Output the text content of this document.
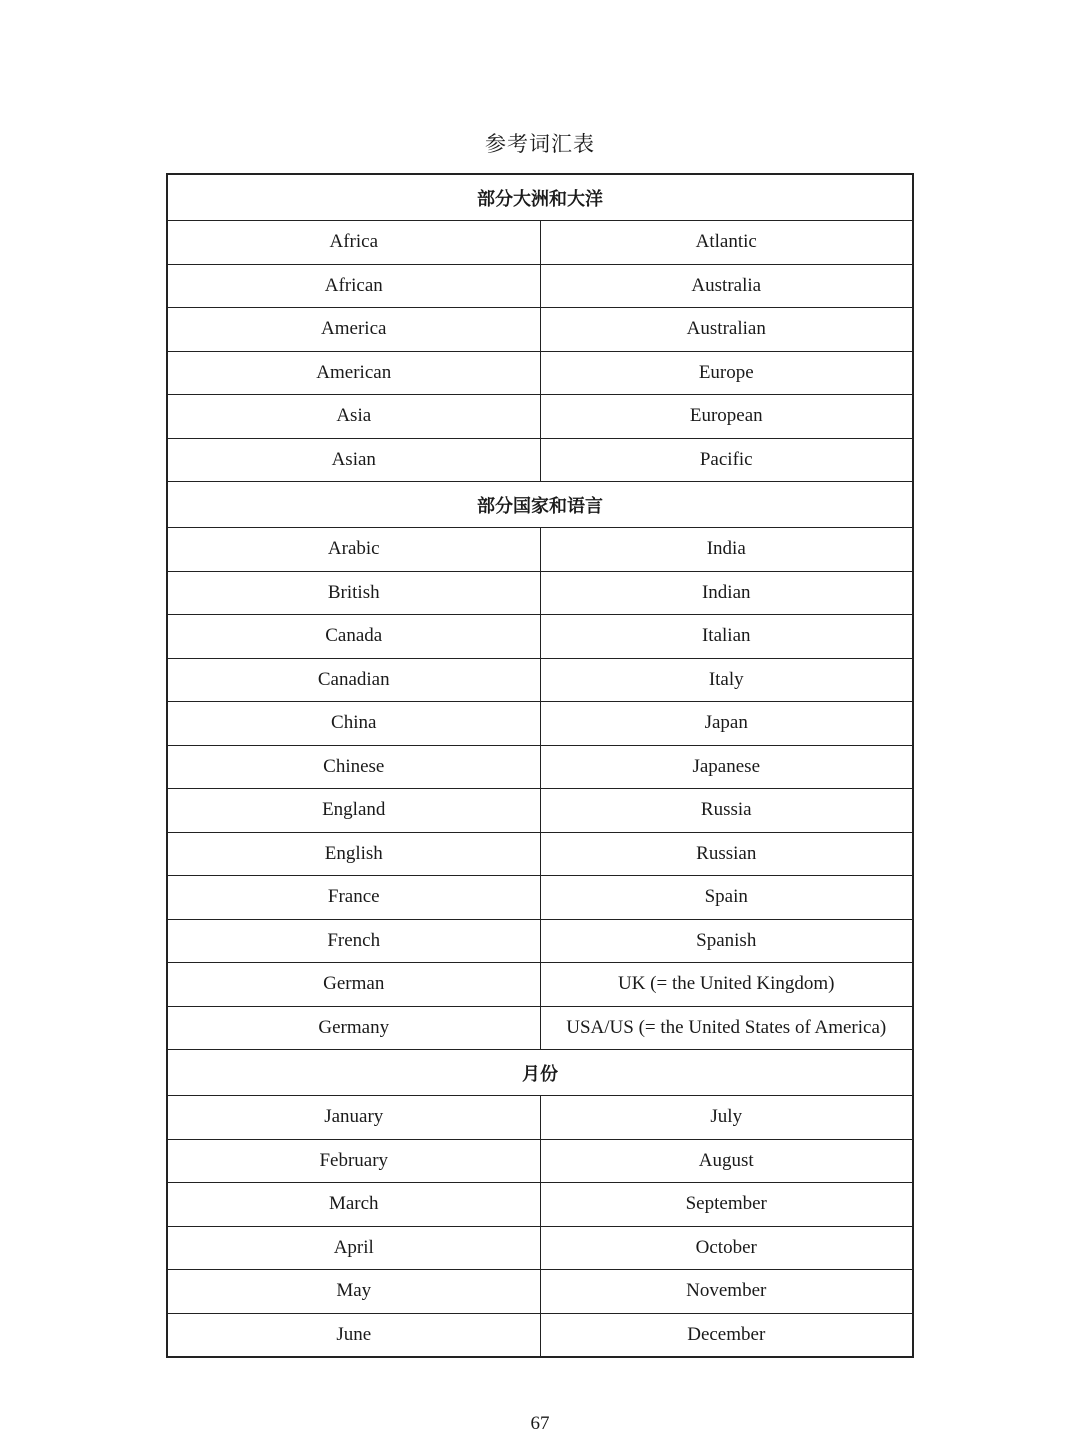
参考词汇表
部分大洲和大洋	
Africa	Atlantic
African	Australia
America	Australian
American	Europe
Asia	European
Asian	Pacific
部分国家和语言	
Arabic	India
British	Indian
Canada	Italian
Canadian	Italy
China	Japan
Chinese	Japanese
England	Russia
English	Russian
France	Spain
French	Spanish
German	UK (= the United Kingdom)
Germany	USA/US (= the United States of America)
月份	
January	July
February	August
March	September
April	October
May	November
June	December
67
